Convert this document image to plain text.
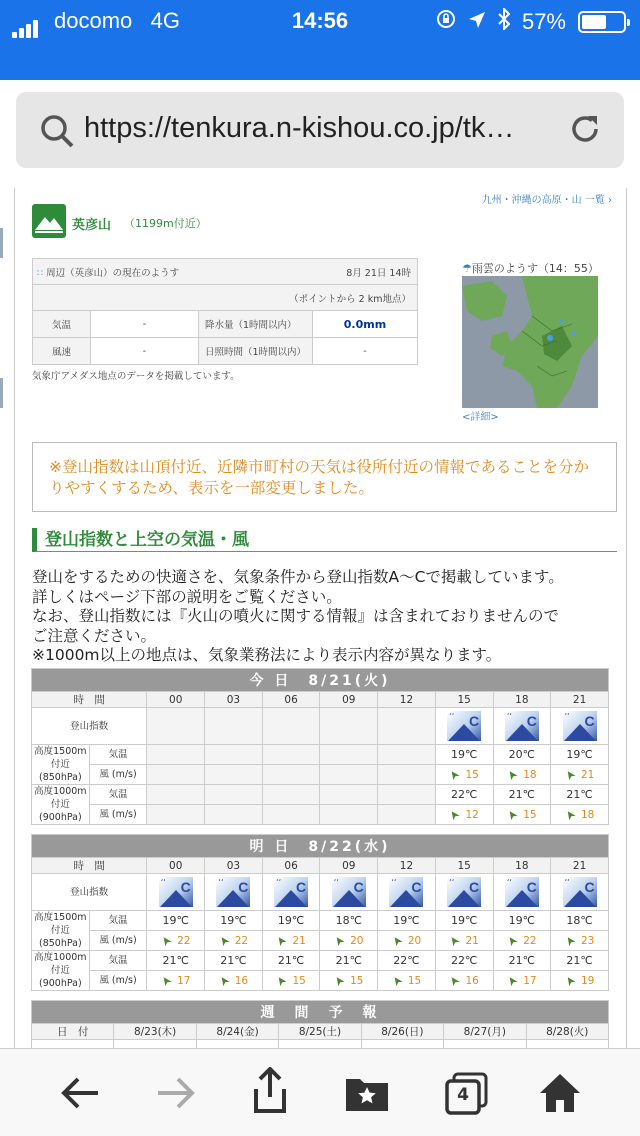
docomo 4G	14:56	57%
https://tenkura.n-kishou.co.jp/tk…
九州・沖縄の高原・山 一覧 ›
英彦山 （1199m付近）
∷ 周辺（英彦山）の現在のようす 8月 21日 14時			

（ポイントから 2 km地点）			
気温	-	降水量（1時間以内）	0.0mm
風速	-	日照時間（1時間以内）	-
気象庁アメダス地点のデータを掲載しています。
☂雨雲のようす（14：55）
<詳細>
※登山指数は山頂付近、近隣市町村の天気は役所付近の情報であることを分かりやすくするため、表示を一部変更しました。
登山指数と上空の気温・風
登山をするための快適さを、気象条件から登山指数A～Cで掲載しています。
詳しくはページ下部の説明をご覧ください。
なお、登山指数には『火山の噴火に関する情報』は含まれておりませんので
ご注意ください。
※1000m以上の地点は、気象業務法により表示内容が異なります。
今 日　8/21(火)									
時　間		00	03	06	09	12	15	18	21
登山指数							‘‘ C	‘‘ C	‘‘ C

高度1500m付近
(850hPa)	気温						19℃	20℃	19℃
	風 (m/s)						➤ 15	➤ 18	➤ 21

高度1000m付近
(900hPa)	気温						22℃	21℃	21℃
	風 (m/s)						➤ 12	➤ 15	➤ 18
明 日　8/22(水)									
時　間		00	03	06	09	12	15	18	21
登山指数		‘‘ C	‘‘ C	‘‘ C	‘‘ C	‘‘ C	‘‘ C	‘‘ C	‘‘ C

高度1500m付近
(850hPa)	気温	19℃	19℃	19℃	18℃	19℃	19℃	19℃	18℃
	風 (m/s)	➤ 22	➤ 22	➤ 21	➤ 20	➤ 20	➤ 21	➤ 22	➤ 23

高度1000m付近
(900hPa)	気温	21℃	21℃	21℃	21℃	22℃	22℃	21℃	21℃
	風 (m/s)	➤ 17	➤ 16	➤ 15	➤ 15	➤ 15	➤ 16	➤ 17	➤ 19
週　間　予　報						
日　付	8/23(木)	8/24(金)	8/25(土)	8/26(日)	8/27(月)	8/28(火)

4
